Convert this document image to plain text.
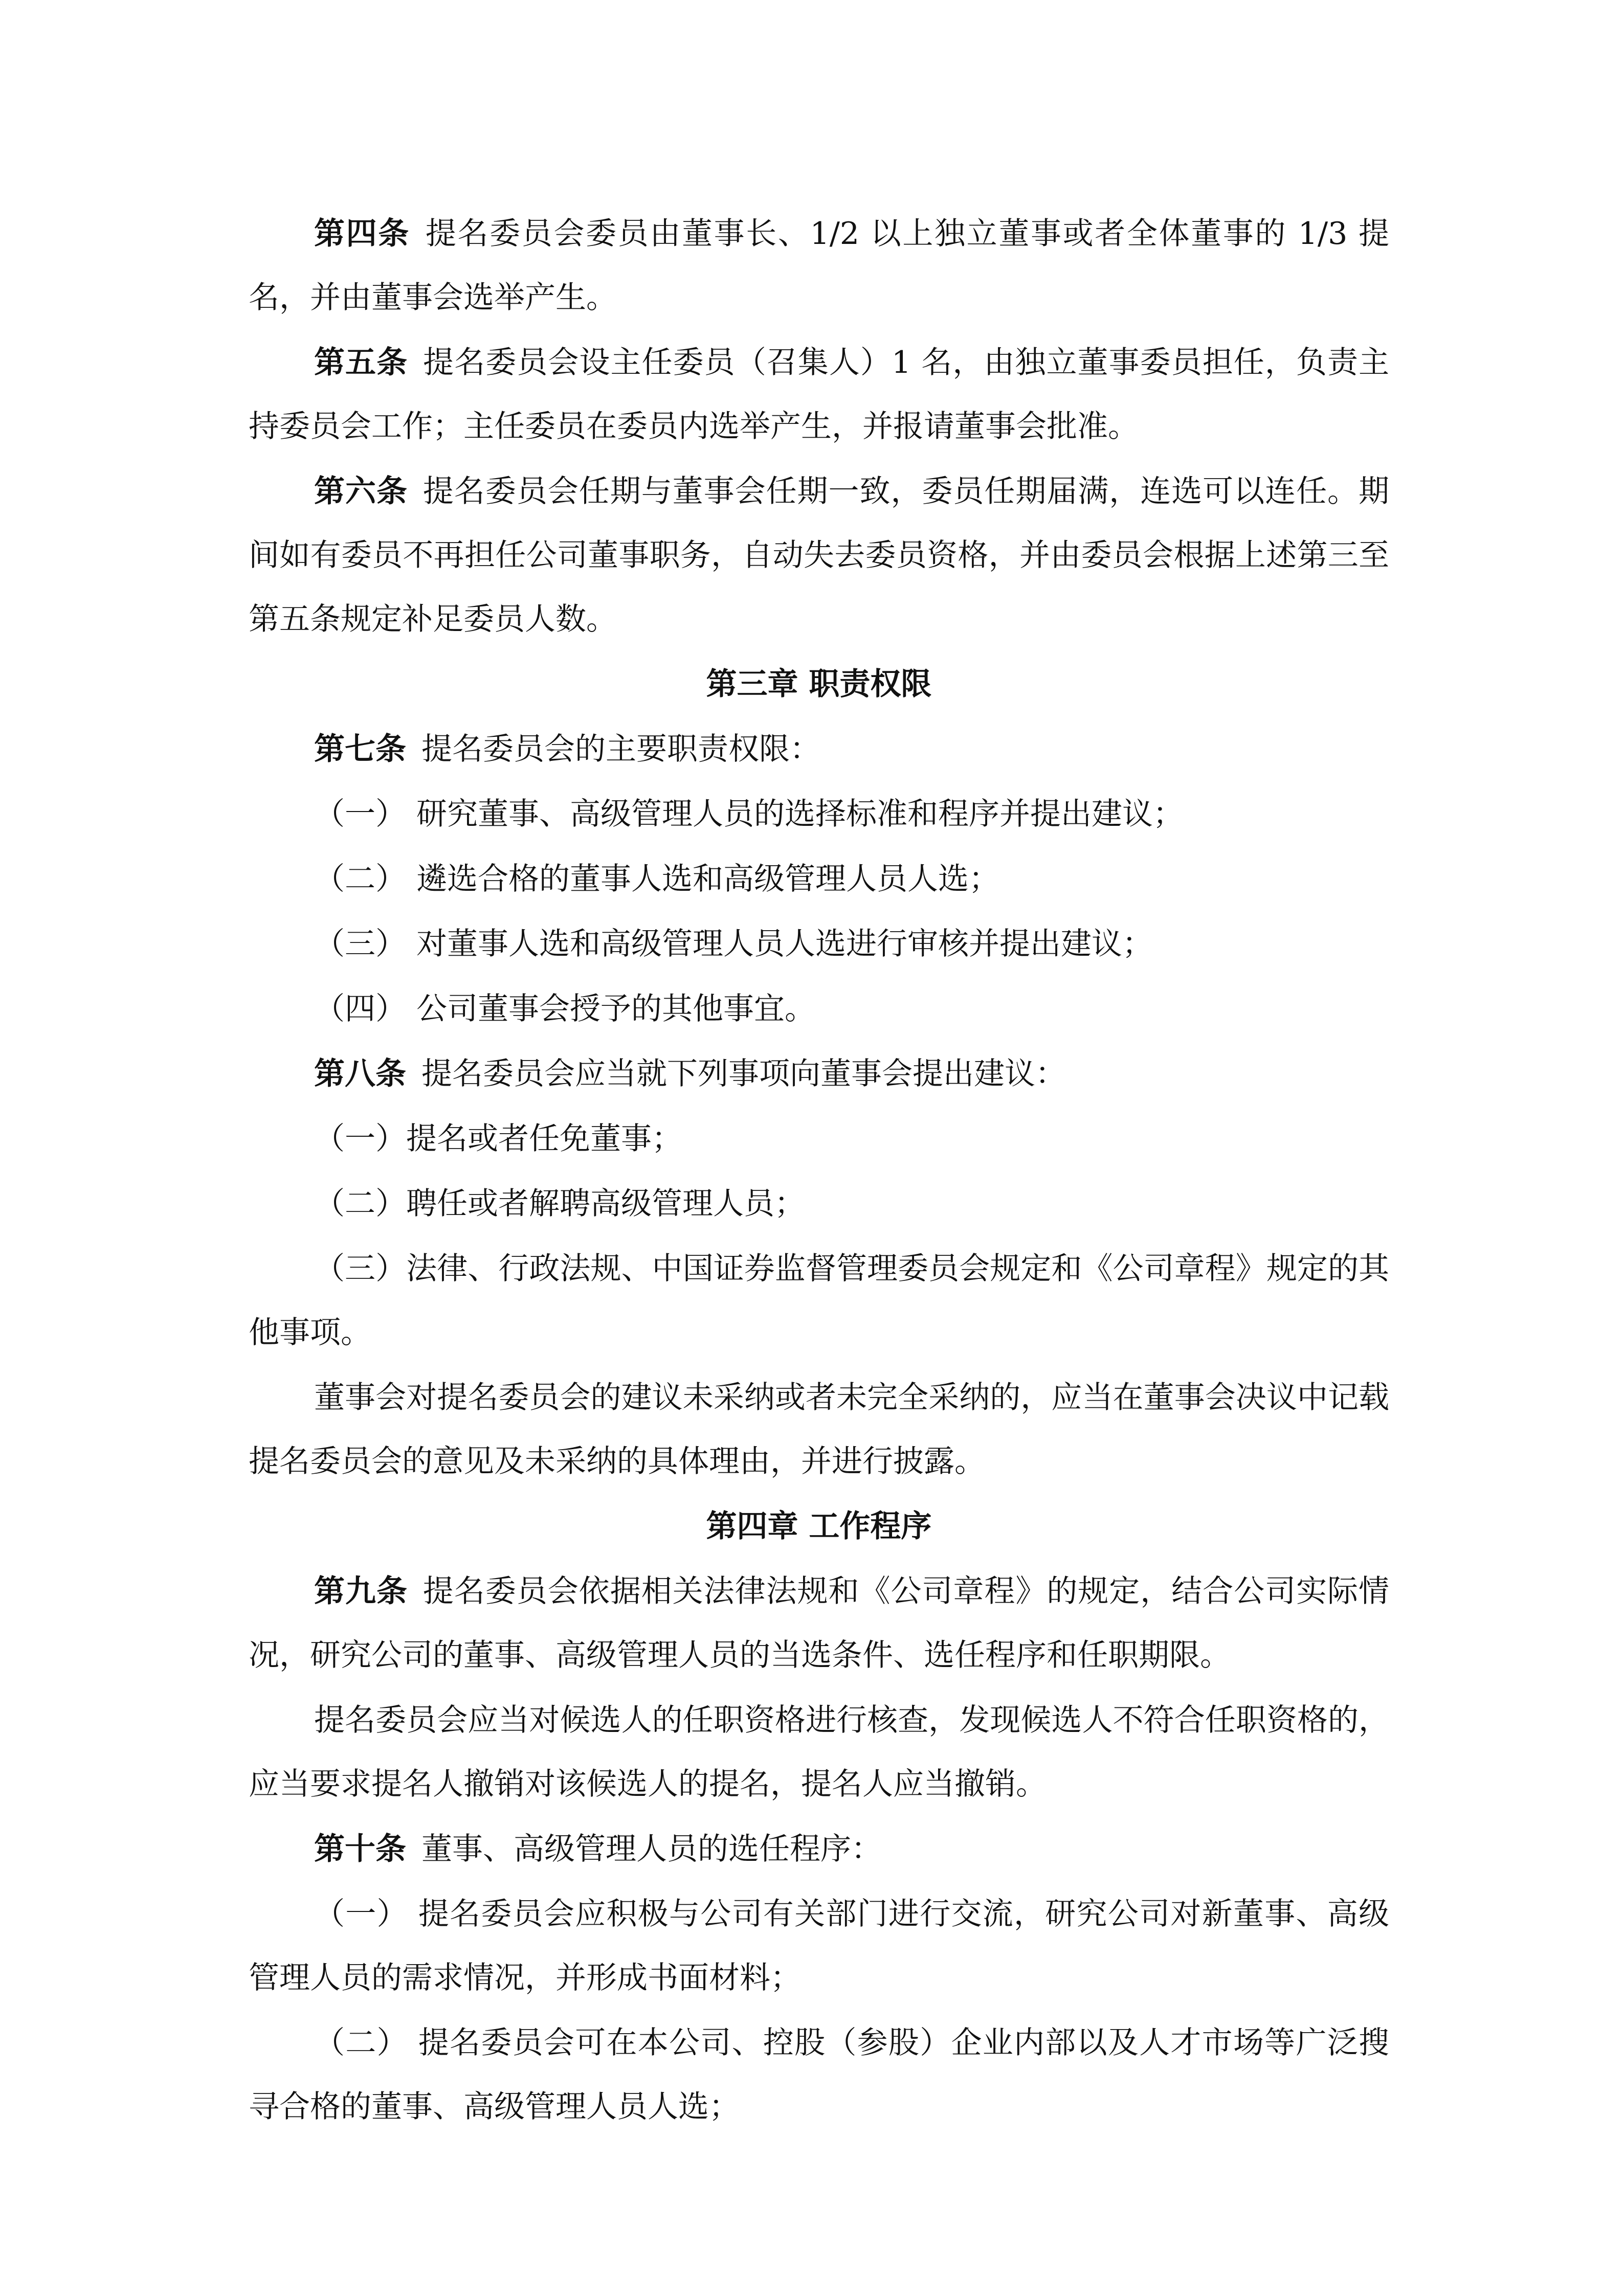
第四条 提名委员会委员由董事长、1/2 以上独立董事或者全体董事的 1/3 提名，并由董事会选举产生。

第五条 提名委员会设主任委员（召集人）1 名，由独立董事委员担任，负责主持委员会工作；主任委员在委员内选举产生，并报请董事会批准。

第六条 提名委员会任期与董事会任期一致，委员任期届满，连选可以连任。期间如有委员不再担任公司董事职务，自动失去委员资格，并由委员会根据上述第三至第五条规定补足委员人数。

第三章 职责权限

第七条 提名委员会的主要职责权限：

（一） 研究董事、高级管理人员的选择标准和程序并提出建议；

（二） 遴选合格的董事人选和高级管理人员人选；

（三） 对董事人选和高级管理人员人选进行审核并提出建议；

（四） 公司董事会授予的其他事宜。

第八条 提名委员会应当就下列事项向董事会提出建议：

（一）提名或者任免董事；

（二）聘任或者解聘高级管理人员；

（三）法律、行政法规、中国证券监督管理委员会规定和《公司章程》规定的其他事项。

董事会对提名委员会的建议未采纳或者未完全采纳的，应当在董事会决议中记载提名委员会的意见及未采纳的具体理由，并进行披露。

第四章 工作程序

第九条 提名委员会依据相关法律法规和《公司章程》的规定，结合公司实际情况，研究公司的董事、高级管理人员的当选条件、选任程序和任职期限。

提名委员会应当对候选人的任职资格进行核查，发现候选人不符合任职资格的，应当要求提名人撤销对该候选人的提名，提名人应当撤销。

第十条 董事、高级管理人员的选任程序：

（一） 提名委员会应积极与公司有关部门进行交流，研究公司对新董事、高级管理人员的需求情况，并形成书面材料；

（二） 提名委员会可在本公司、控股（参股）企业内部以及人才市场等广泛搜寻合格的董事、高级管理人员人选；
